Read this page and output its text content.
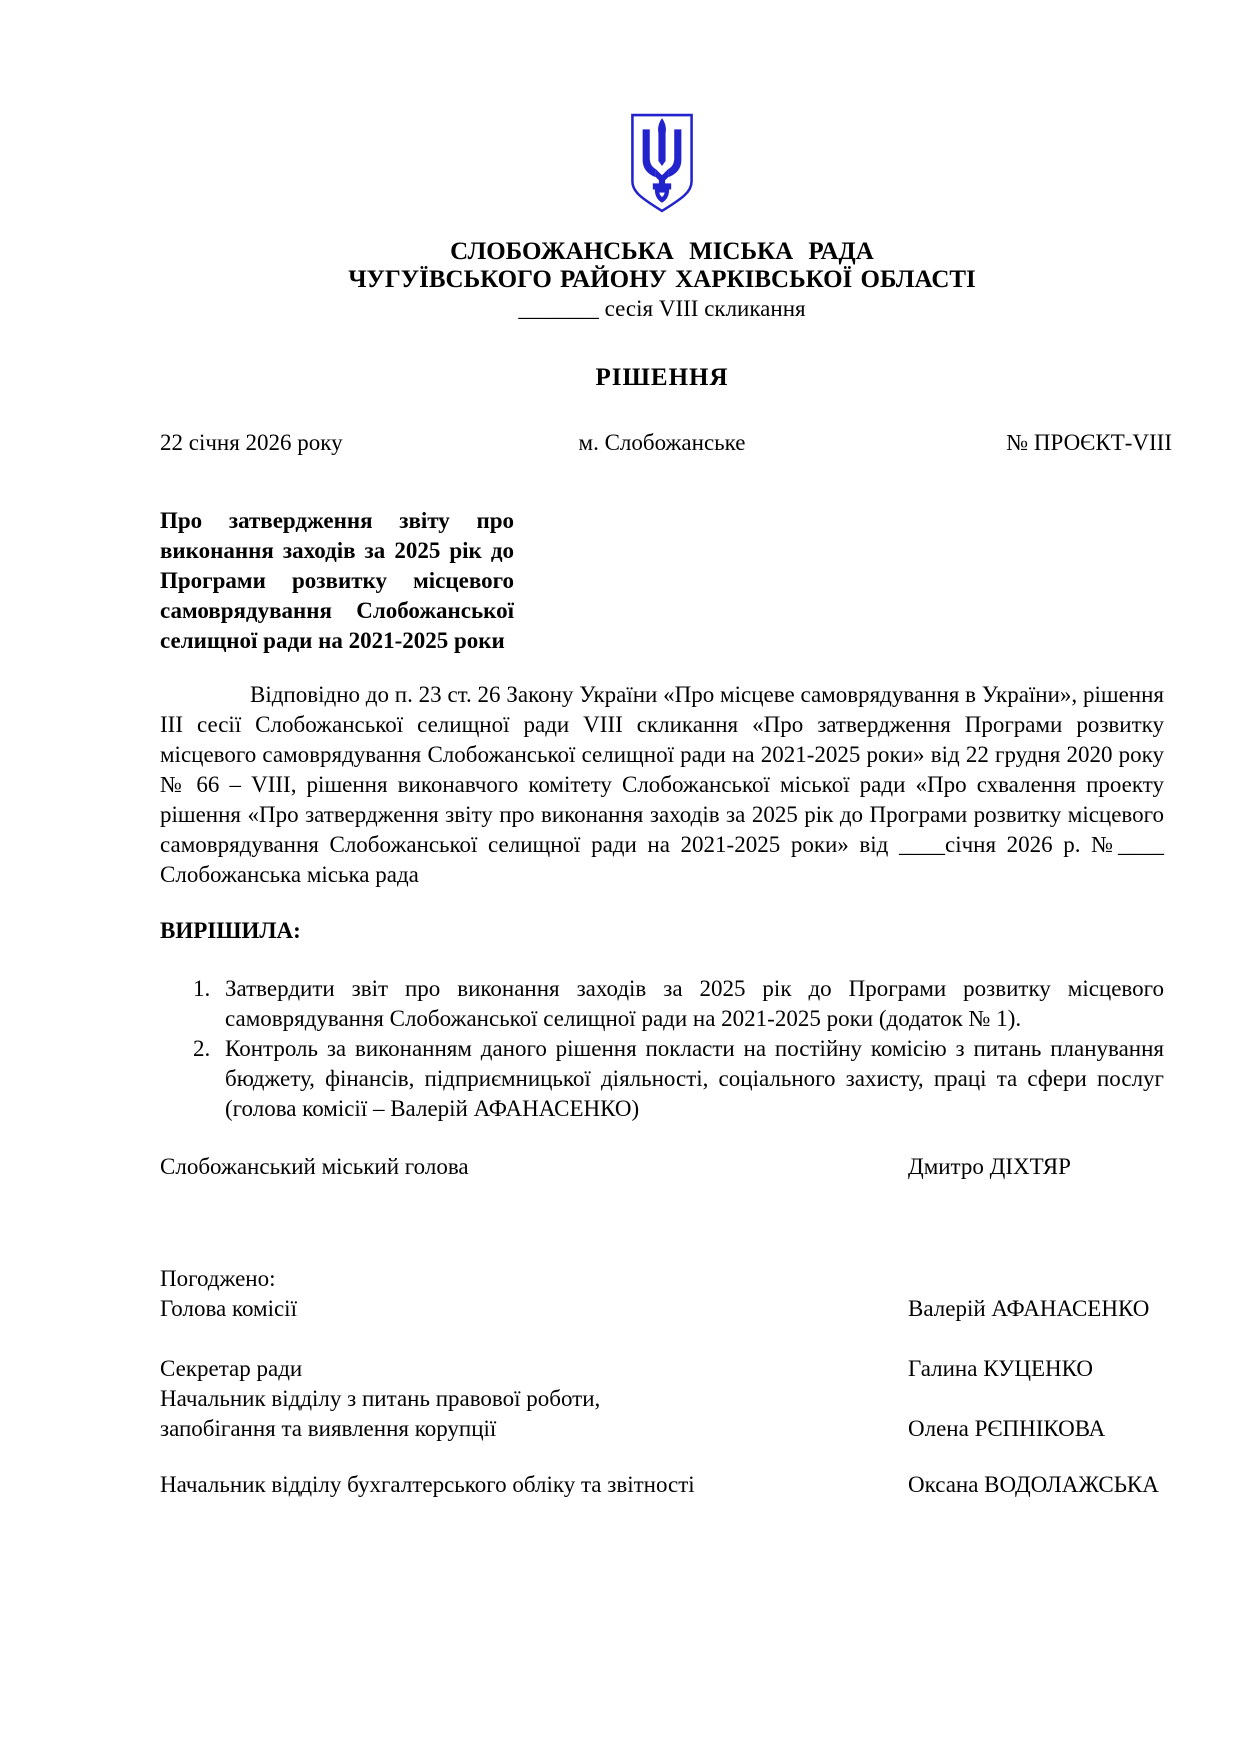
СЛОБОЖАНСЬКА МІСЬКА РАДА
ЧУГУЇВСЬКОГО РАЙОНУ ХАРКІВСЬКОЇ ОБЛАСТІ
_______ сесія VIII скликання
РІШЕННЯ
22 січня 2026 року	м. Слобожанське	№ ПРОЄКТ-VIII
Про затвердження звіту про виконання заходів за 2025 рік до Програми розвитку місцевого самоврядування Слобожанської селищної ради на 2021-2025 роки
Відповідно до п. 23 ст. 26 Закону України «Про місцеве самоврядування в України», рішення ІІІ сесії Слобожанської селищної ради VIII скликання «Про затвердження Програми розвитку місцевого самоврядування Слобожанської селищної ради на 2021-2025 роки» від 22 грудня 2020 року № 66 – VIII, рішення виконавчого комітету Слобожанської міської ради «Про схвалення проекту рішення «Про затвердження звіту про виконання заходів за 2025 рік до Програми розвитку місцевого самоврядування Слобожанської селищної ради на 2021-2025 роки» від ____січня 2026 р. №____ Слобожанська міська рада
ВИРІШИЛА:
1. Затвердити звіт про виконання заходів за 2025 рік до Програми розвитку місцевого самоврядування Слобожанської селищної ради на 2021-2025 роки (додаток № 1).
2. Контроль за виконанням даного рішення покласти на постійну комісію з питань планування бюджету, фінансів, підприємницької діяльності, соціального захисту, праці та сфери послуг (голова комісії – Валерій АФАНАСЕНКО)
Слобожанський міський голова	Дмитро ДІХТЯР
Погоджено:
Голова комісії	Валерій АФАНАСЕНКО
Секретар ради	Галина КУЦЕНКО
Начальник відділу з питань правової роботи,
запобігання та виявлення корупції	Олена РЄПНІКОВА
Начальник відділу бухгалтерського обліку та звітності	Оксана ВОДОЛАЖСЬКА
